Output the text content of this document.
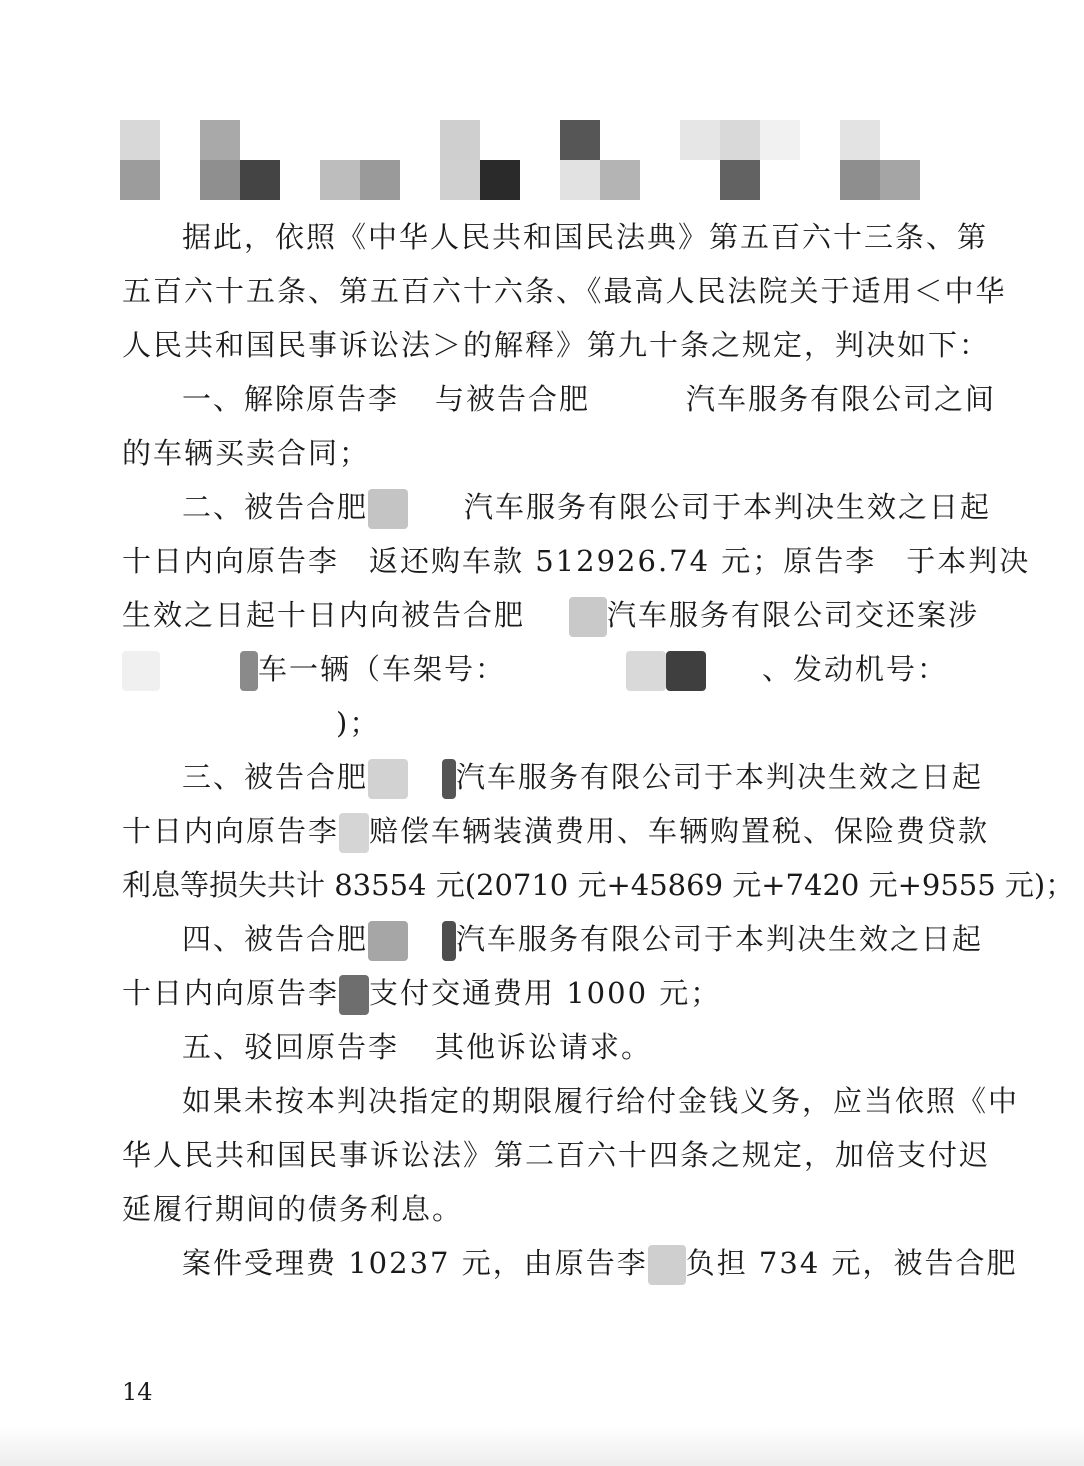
据此，依照《中华人民共和国民法典》第五百六十三条、第
五百六十五条、第五百六十六条、《最高人民法院关于适用＜中华
人民共和国民事诉讼法＞的解释》第九十条之规定，判决如下：
一、解除原告李 与被告合肥	汽车服务有限公司之间
的车辆买卖合同；
二、被告合肥	汽车服务有限公司于本判决生效之日起
十日内向原告李 返还购车款 512926.74 元；原告李 于本判决
生效之日起十日内向被告合肥	汽车服务有限公司交还案涉
车一辆（车架号：	、发动机号：
)；
三、被告合肥	汽车服务有限公司于本判决生效之日起
十日内向原告李 赔偿车辆装潢费用、车辆购置税、保险费贷款
利息等损失共计 83554 元(20710 元+45869 元+7420 元+9555 元)；
四、被告合肥	汽车服务有限公司于本判决生效之日起
十日内向原告李 支付交通费用 1000 元；
五、驳回原告李 其他诉讼请求。
如果未按本判决指定的期限履行给付金钱义务，应当依照《中
华人民共和国民事诉讼法》第二百六十四条之规定，加倍支付迟
延履行期间的债务利息。
案件受理费 10237 元，由原告李 负担 734 元，被告合肥
14
